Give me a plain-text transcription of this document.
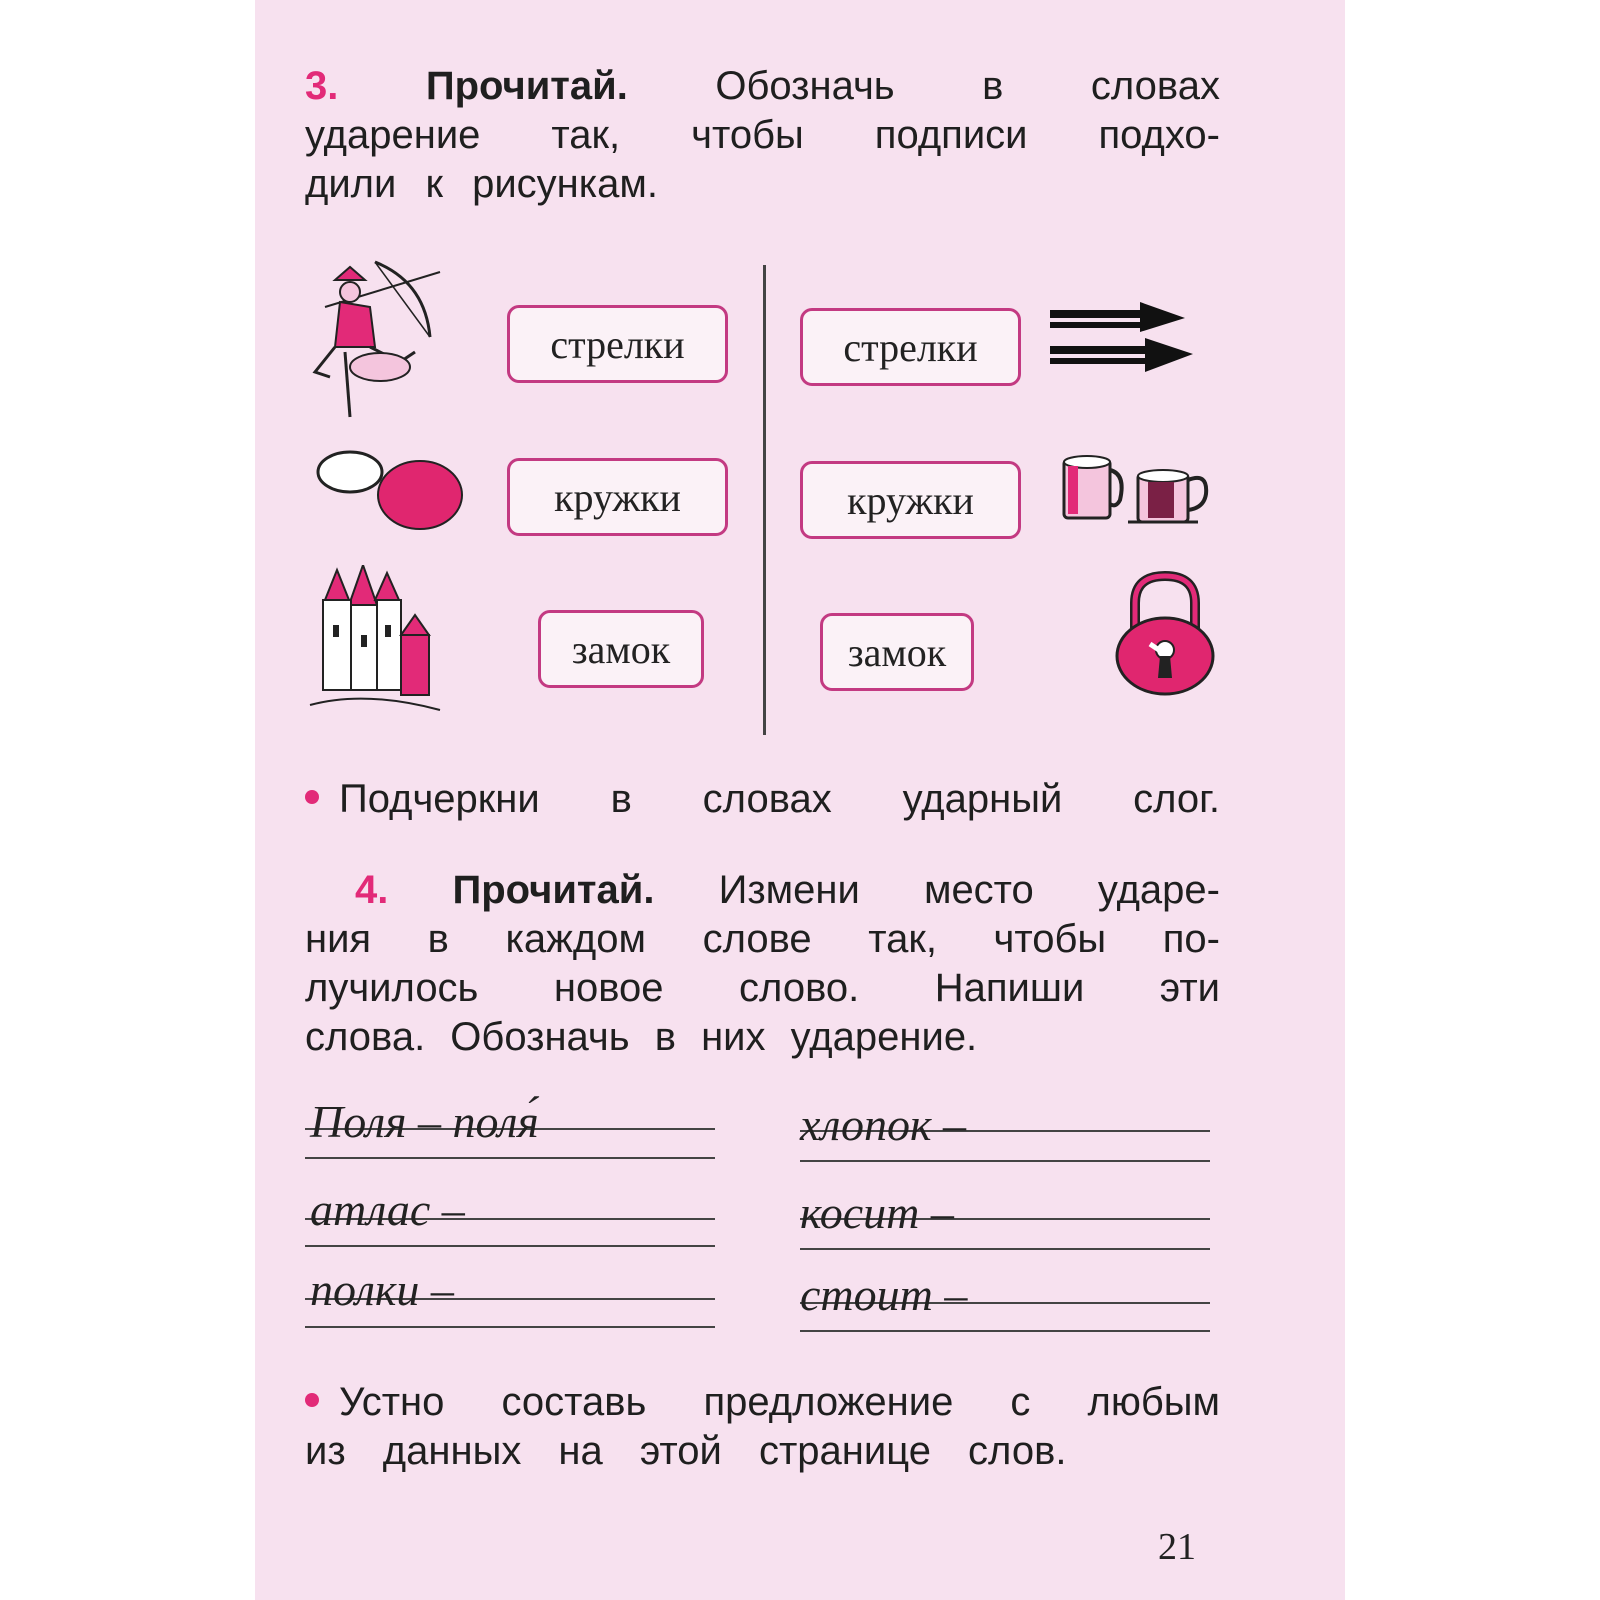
3. Прочитай. Обозначь в словах
ударение так, чтобы подписи подхо-
дили к рисункам.
стрелки	стрелки
кружки	кружки
замок	замок
Подчеркни в словах ударный слог.
4. Прочитай. Измени место ударе-
ния в каждом слове так, чтобы по-
лучилось новое слово. Напиши эти
слова. Обозначь в них ударение.
Поля – поля́
атлас –
полки –
хлопок –
косит –
стоит –
Устно составь предложение с любым
из данных на этой странице слов.
21
